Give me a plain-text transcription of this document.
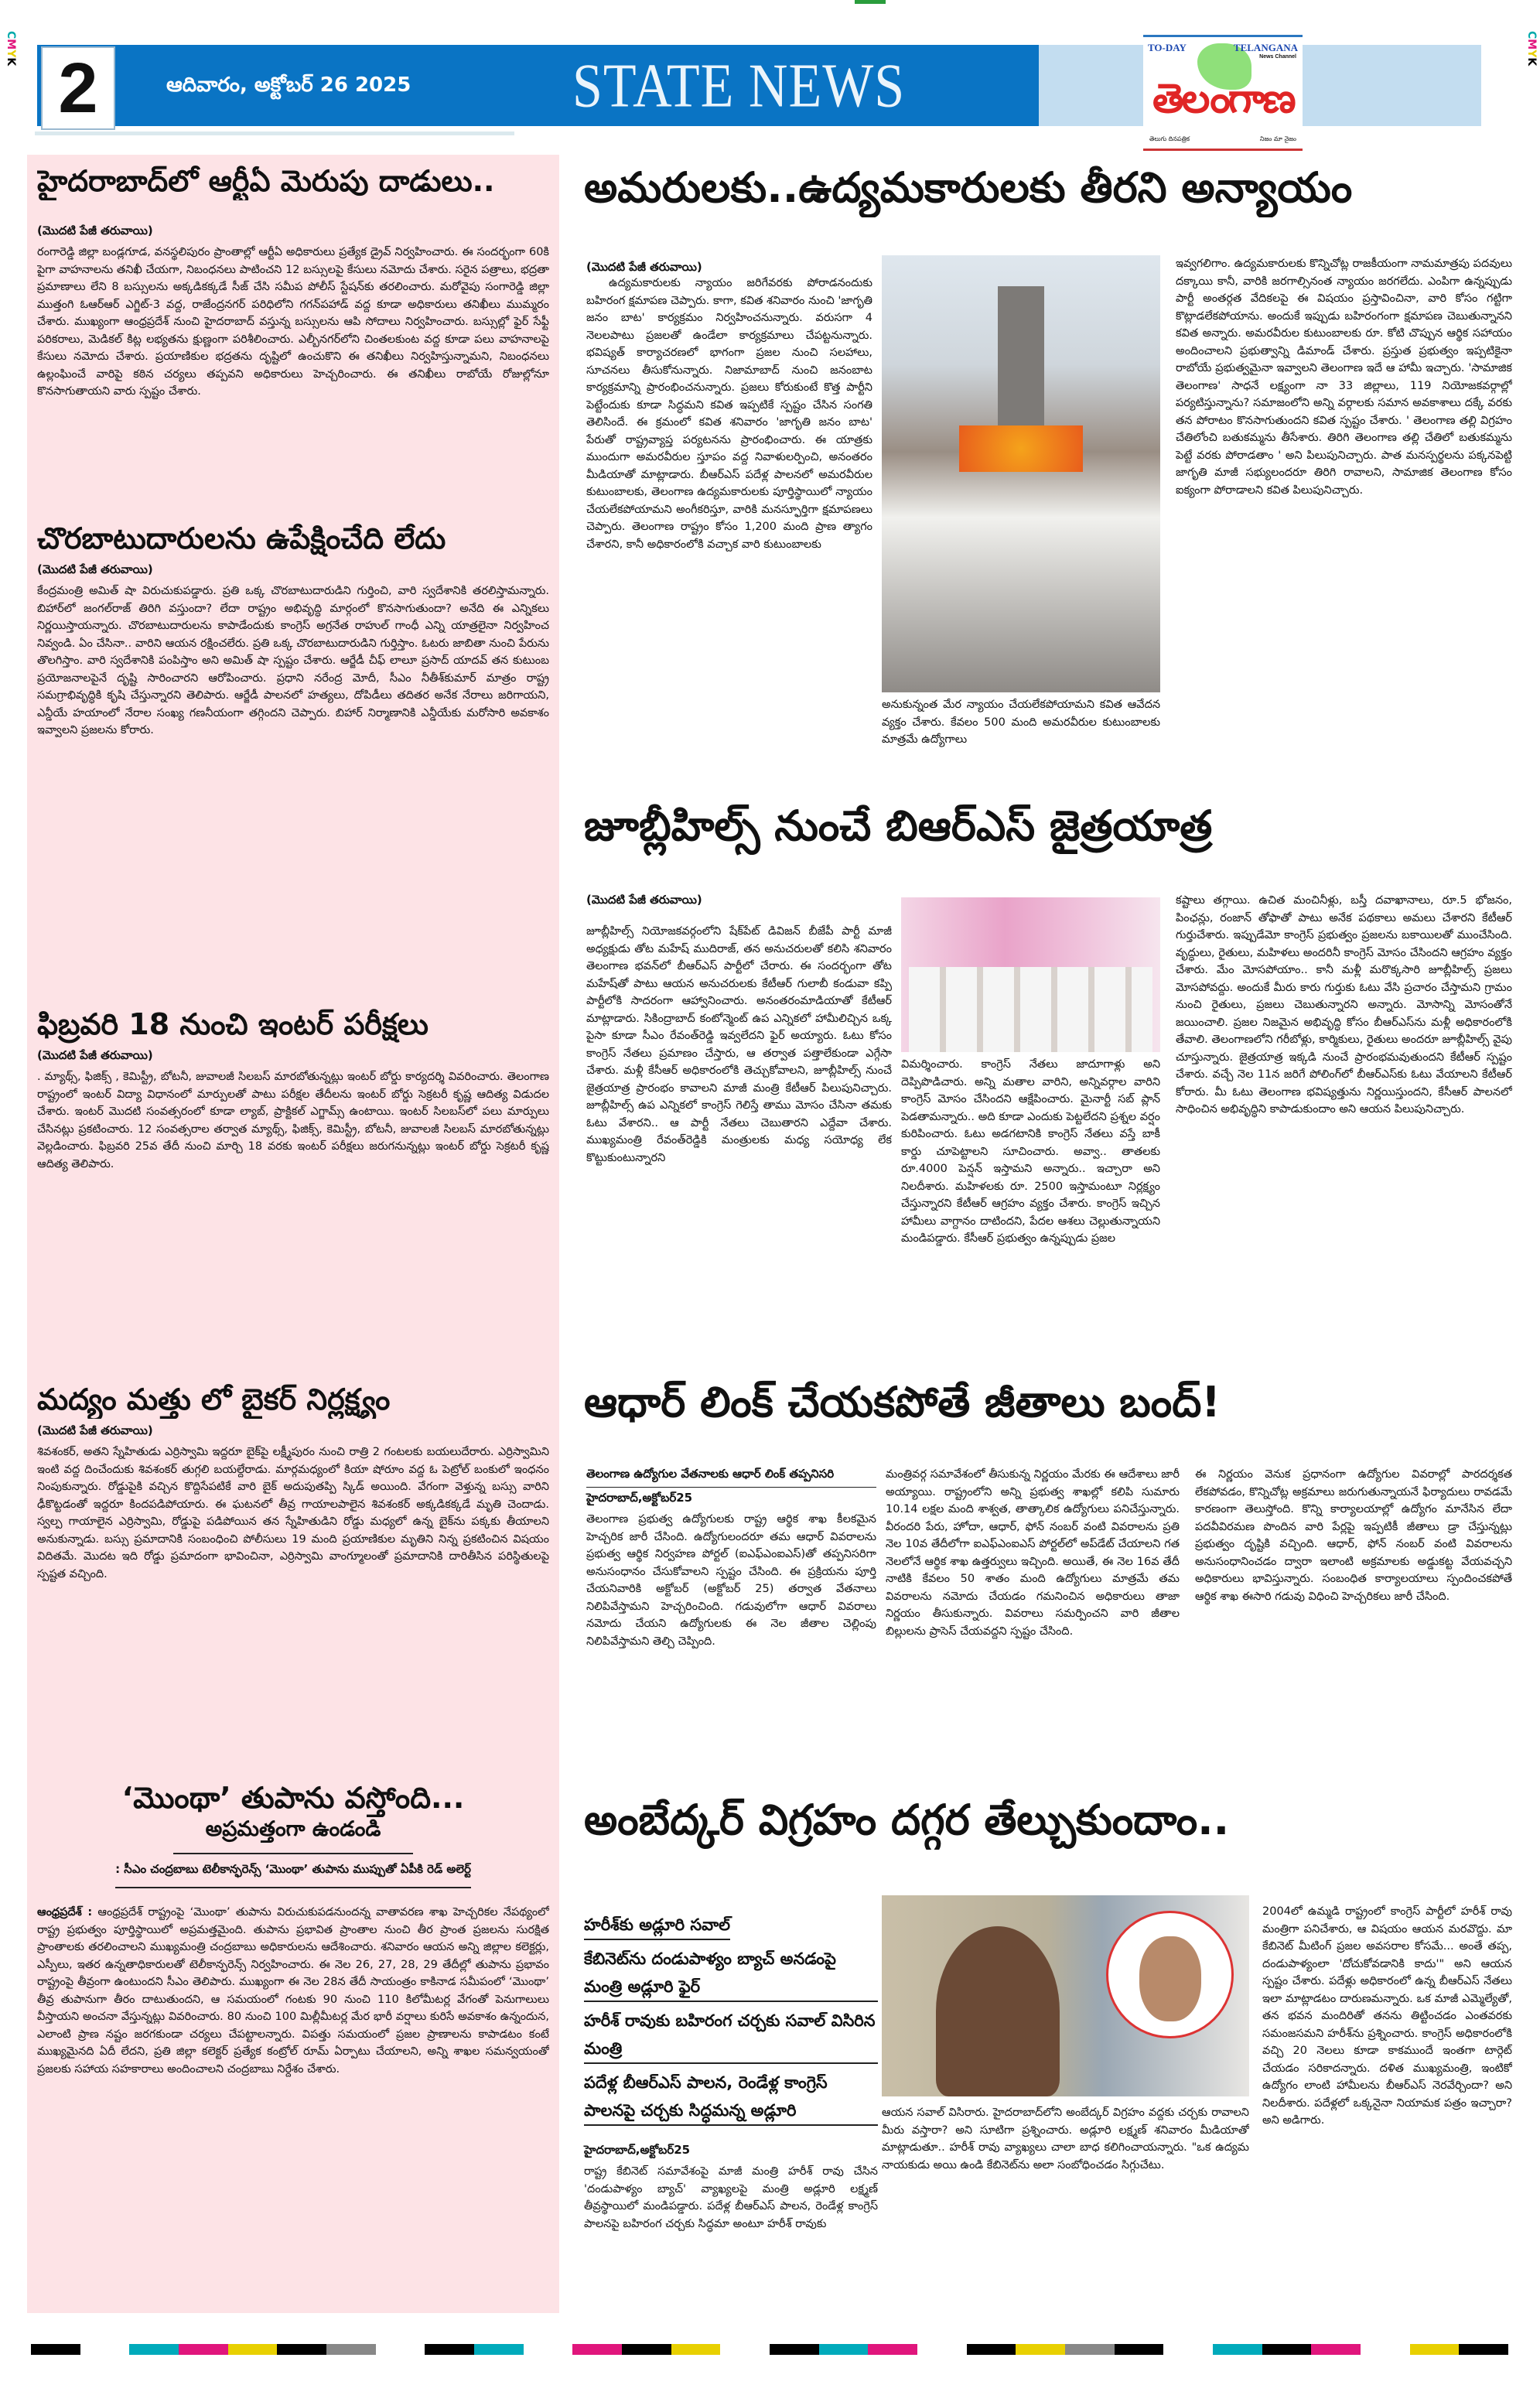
CMYK
CMYK
2	ఆదివారం, అక్టోబర్ 26 2025	STATE NEWS
TO-DAY	TELANGANA
News Channel
తెలంగాణ
తెలుగు దినపత్రిక	నిజం మా నైజం
హైదరాబాద్‌లో ఆర్టీఏ మెరుపు దాడులు..
(మొదటి పేజీ తరువాయి)

రంగారెడ్డి జిల్లా బండ్లగూడ, వనస్థలిపురం ప్రాంతాల్లో ఆర్టీఏ అధికారులు ప్రత్యేక డ్రైవ్ నిర్వహించారు. ఈ సందర్భంగా 60కి పైగా వాహనాలను తనిఖీ చేయగా, నిబంధనలు పాటించని 12 బస్సులపై కేసులు నమోదు చేశారు. సరైన పత్రాలు, భద్రతా ప్రమాణాలు లేని 8 బస్సులను అక్కడికక్కడే సీజ్ చేసి సమీప పోలీస్ స్టేషన్‌కు తరలించారు. మరోవైపు సంగారెడ్డి జిల్లా ముత్తంగి ఓఆర్ఆర్ ఎగ్జిట్-3 వద్ద, రాజేంద్రనగర్ పరిధిలోని గగన్‌పహాడ్ వద్ద కూడా అధికారులు తనిఖీలు ముమ్మరం చేశారు. ముఖ్యంగా ఆంధ్రప్రదేశ్ నుంచి హైదరాబాద్ వస్తున్న బస్సులను ఆపి సోదాలు నిర్వహించారు. బస్సుల్లో ఫైర్ సేఫ్టీ పరికరాలు, మెడికల్ కిట్ల లభ్యతను క్షుణ్ణంగా పరిశీలించారు. ఎల్బీనగర్‌లోని చింతలకుంట వద్ద కూడా పలు వాహనాలపై కేసులు నమోదు చేశారు. ప్రయాణికుల భద్రతను దృష్టిలో ఉంచుకొని ఈ తనిఖీలు నిర్వహిస్తున్నామని, నిబంధనలు ఉల్లంఘించే వారిపై కఠిన చర్యలు తప్పవని అధికారులు హెచ్చరించారు. ఈ తనిఖీలు రాబోయే రోజుల్లోనూ కొనసాగుతాయని వారు స్పష్టం చేశారు.

చొరబాటుదారులను ఉపేక్షించేది లేదు
(మొదటి పేజీ తరువాయి)

కేంద్రమంత్రి అమిత్ షా విరుచుకుపడ్డారు. ప్రతి ఒక్క చొరబాటుదారుడిని గుర్తించి, వారి స్వదేశానికి తరలిస్తామన్నారు. బిహార్‌లో జంగల్‌రాజ్ తిరిగి వస్తుందా? లేదా రాష్ట్రం అభివృద్ధి మార్గంలో కొనసాగుతుందా? అనేది ఈ ఎన్నికలు నిర్ణయిస్తాయన్నారు. చొరబాటుదారులను కాపాడేందుకు కాంగ్రెస్ అగ్రనేత రాహుల్ గాంధీ ఎన్ని యాత్రలైనా నిర్వహించ నివ్వండి. ఏం చేసినా.. వారిని ఆయన రక్షించలేరు. ప్రతి ఒక్క చొరబాటుదారుడిని గుర్తిస్తాం. ఓటరు జాబితా నుంచి పేరును తొలగిస్తాం. వారి స్వదేశానికి పంపిస్తాం అని అమిత్ షా స్పష్టం చేశారు. ఆర్జేడీ చీఫ్ లాలూ ప్రసాద్ యాదవ్ తన కుటుంబ ప్రయోజనాలపైనే దృష్టి సారించారని ఆరోపించారు. ప్రధాని నరేంద్ర మోదీ, సీఎం నీతీశ్‌కుమార్ మాత్రం రాష్ట్ర సమగ్రాభివృద్ధికి కృషి చేస్తున్నారని తెలిపారు. ఆర్జేడీ పాలనలో హత్యలు, దోపిడీలు తదితర అనేక నేరాలు జరిగాయని, ఎన్డీయే హయాంలో నేరాల సంఖ్య గణనీయంగా తగ్గిందని చెప్పారు. బిహార్ నిర్మాణానికి ఎన్డీయేకు మరోసారి అవకాశం ఇవ్వాలని ప్రజలను కోరారు.

ఫిబ్రవరి 18 నుంచి ఇంటర్ పరీక్షలు
(మొదటి పేజీ తరువాయి)

. మ్యాథ్స్, ఫిజిక్స్ , కెమిస్ట్రీ, బోటనీ, జువాలజీ సిలబస్ మారబోతున్నట్లు ఇంటర్ బోర్డు కార్యదర్శి వివరించారు. తెలంగాణ రాష్ట్రంలో ఇంటర్ విద్యా విధానంలో మార్పులతో పాటు పరీక్షల తేదీలను ఇంటర్ బోర్డు సెక్రటరీ కృష్ణ ఆదిత్య విడుదల చేశారు. ఇంటర్ మొదటి సంవత్సరంలో కూడా ల్యాబ్, ప్రాక్టికల్ ఎగ్జామ్స్ ఉంటాయి. ఇంటర్ సిలబస్‌లో పలు మార్పులు చేసినట్లు ప్రకటించారు. 12 సంవత్సరాల తర్వాత మ్యాథ్స్, ఫిజిక్స్, కెమిస్ట్రీ, బోటనీ, జువాలజీ సిలబస్ మారబోతున్నట్లు వెల్లడించారు. ఫిబ్రవరి 25వ తేదీ నుంచి మార్చి 18 వరకు ఇంటర్ పరీక్షలు జరుగనున్నట్లు ఇంటర్ బోర్డు సెక్రటరీ కృష్ణ ఆదిత్య తెలిపారు.

మద్యం మత్తు లో బైకర్ నిర్లక్ష్యం
(మొదటి పేజీ తరువాయి)

శివశంకర్, అతని స్నేహితుడు ఎర్రిస్వామి ఇద్దరూ బైక్‌పై లక్ష్మీపురం నుంచి రాత్రి 2 గంటలకు బయలుదేరారు. ఎర్రిస్వామిని ఇంటి వద్ద దించేందుకు శివశంకర్ తుగ్గలి బయల్దేరాడు. మార్గమధ్యంలో కియా షోరూం వద్ద ఓ పెట్రోల్ బంకులో ఇంధనం నింపుకున్నారు. రోడ్డుపైకి వచ్చిన కొద్దిసేపటికే వారి బైక్ అదుపుతప్పి స్కిడ్ అయింది. వేగంగా వెళ్తున్న బస్సు వారిని ఢీకొట్టడంతో ఇద్దరూ కిందపడిపోయారు. ఈ ఘటనలో తీవ్ర గాయాలపాలైన శివశంకర్ అక్కడికక్కడే మృతి చెందాడు. స్వల్ప గాయాలైన ఎర్రిస్వామి, రోడ్డుపై పడిపోయిన తన స్నేహితుడిని రోడ్డు మధ్యలో ఉన్న బైక్‌ను పక్కకు తీయాలని అనుకున్నాడు. బస్సు ప్రమాదానికి సంబంధించి పోలీసులు 19 మంది ప్రయాణికుల మృతిని నిన్న ప్రకటించిన విషయం విదితమే. మొదట ఇది రోడ్డు ప్రమాదంగా భావించినా, ఎర్రిస్వామి వాంగ్మూలంతో ప్రమాదానికి దారితీసిన పరిస్థితులపై స్పష్టత వచ్చింది.

‘మొంథా’ తుపాను వస్తోంది...
అప్రమత్తంగా ఉండండి
: సీఎం చంద్రబాబు టెలీకాన్ఫరెన్స్ ‘మొంథా’ తుపాను ముప్పుతో ఏపీకి రెడ్ అలెర్ట్

ఆంధ్రప్రదేశ్ : ఆంధ్రప్రదేశ్ రాష్ట్రంపై ‘మొంథా’ తుపాను విరుచుకుపడనుందన్న వాతావరణ శాఖ హెచ్చరికల నేపథ్యంలో రాష్ట్ర ప్రభుత్వం పూర్తిస్థాయిలో అప్రమత్తమైంది. తుపాను ప్రభావిత ప్రాంతాల నుంచి తీర ప్రాంత ప్రజలను సురక్షిత ప్రాంతాలకు తరలించాలని ముఖ్యమంత్రి చంద్రబాబు అధికారులను ఆదేశించారు. శనివారం ఆయన అన్ని జిల్లాల కలెక్టర్లు, ఎస్పీలు, ఇతర ఉన్నతాధికారులతో టెలీకాన్ఫరెన్స్ నిర్వహించారు. ఈ నెల 26, 27, 28, 29 తేదీల్లో తుపాను ప్రభావం రాష్ట్రంపై తీవ్రంగా ఉంటుందని సీఎం తెలిపారు. ముఖ్యంగా ఈ నెల 28న తేదీ సాయంత్రం కాకినాడ సమీపంలో ‘మొంథా’ తీవ్ర తుపానుగా తీరం దాటుతుందని, ఆ సమయంలో గంటకు 90 నుంచి 110 కిలోమీటర్ల వేగంతో పెనుగాలులు వీస్తాయని అంచనా వేస్తున్నట్లు వివరించారు. 80 నుంచి 100 మిల్లీమీటర్ల మేర భారీ వర్షాలు కురిసే అవకాశం ఉన్నందున, ఎలాంటి ప్రాణ నష్టం జరగకుండా చర్యలు చేపట్టాలన్నారు. విపత్తు సమయంలో ప్రజల ప్రాణాలను కాపాడటం కంటే ముఖ్యమైనది ఏదీ లేదని, ప్రతి జిల్లా కలెక్టర్ ప్రత్యేక కంట్రోల్ రూమ్ ఏర్పాటు చేయాలని, అన్ని శాఖల సమన్వయంతో ప్రజలకు సహాయ సహకారాలు అందించాలని చంద్రబాబు నిర్దేశం చేశారు.

అమరులకు..ఉద్యమకారులకు తీరని అన్యాయం
(మొదటి పేజీ తరువాయి)

ఉద్యమకారులకు న్యాయం జరిగేవరకు పోరాడనందుకు బహిరంగ క్షమాపణ చెప్పారు. కాగా, కవిత శనివారం నుంచి 'జాగృతి జనం బాట' కార్యక్రమం నిర్వహించనున్నారు. వరుసగా 4 నెలలపాటు ప్రజలతో ఉండేలా కార్యక్రమాలు చేపట్టనున్నారు. భవిష్యత్ కార్యాచరణలో భాగంగా ప్రజల నుంచి సలహాలు, సూచనలు తీసుకోనున్నారు. నిజామాబాద్ నుంచి జనంబాట కార్యక్రమాన్ని ప్రారంభించనున్నారు. ప్రజలు కోరుకుంటే కొత్త పార్టీని పెట్టేందుకు కూడా సిద్ధమని కవిత ఇప్పటికే స్పష్టం చేసిన సంగతి తెలిసిందే. ఈ క్రమంలో కవిత శనివారం 'జాగృతి జనం బాట' పేరుతో రాష్ట్రవ్యాప్త పర్యటనను ప్రారంభించారు. ఈ యాత్రకు ముందుగా అమరవీరుల స్తూపం వద్ద నివాళులర్పించి, అనంతరం మీడియాతో మాట్లాడారు. బీఆర్ఎస్ పదేళ్ల పాలనలో అమరవీరుల కుటుంబాలకు, తెలంగాణ ఉద్యమకారులకు పూర్తిస్థాయిలో న్యాయం చేయలేకపోయామని అంగీకరిస్తూ, వారికి మనస్ఫూర్తిగా క్షమాపణలు చెప్పారు. తెలంగాణ రాష్ట్రం కోసం 1,200 మంది ప్రాణ త్యాగం చేశారని, కానీ అధికారంలోకి వచ్చాక వారి కుటుంబాలకు

అనుకున్నంత మేర న్యాయం చేయలేకపోయామని కవిత ఆవేదన వ్యక్తం చేశారు. కేవలం 500 మంది అమరవీరుల కుటుంబాలకు మాత్రమే ఉద్యోగాలు

ఇవ్వగలిగాం. ఉద్యమకారులకు కొన్నిచోట్ల రాజకీయంగా నామమాత్రపు పదవులు దక్కాయి కానీ, వారికి జరగాల్సినంత న్యాయం జరగలేదు. ఎంపిగా ఉన్నప్పుడు పార్టీ అంతర్గత వేదికలపై ఈ విషయం ప్రస్తావించినా, వారి కోసం గట్టిగా కొట్లాడలేకపోయాను. అందుకే ఇప్పుడు బహిరంగంగా క్షమాపణ చెబుతున్నానని కవిత అన్నారు. అమరవీరుల కుటుంబాలకు రూ. కోటి చొప్పున ఆర్థిక సహాయం అందించాలని ప్రభుత్వాన్ని డిమాండ్ చేశారు. ప్రస్తుత ప్రభుత్వం ఇప్పటికైనా రాబోయే ప్రభుత్వమైనా ఇవ్వాలని తెలంగాణ ఇదే ఆ హామీ ఇచ్చారు. 'సామాజిక తెలంగాణ' సాధనే లక్ష్యంగా నా 33 జిల్లాలు, 119 నియోజకవర్గాల్లో పర్యటిస్తున్నాను? సమాజంలోని అన్ని వర్గాలకు సమాన అవకాశాలు దక్కే వరకు తన పోరాటం కొనసాగుతుందని కవిత స్పష్టం చేశారు. ' తెలంగాణ తల్లి విగ్రహం చేతిలోంచి బతుకమ్మను తీసేశారు. తిరిగి తెలంగాణ తల్లి చేతిలో బతుకమ్మను పెట్టే వరకు పోరాడతాం ' అని పిలుపునిచ్చారు. పాత మనస్పర్థలను పక్కనపెట్టి జాగృతి మాజీ సభ్యులందరూ తిరిగి రావాలని, సామాజిక తెలంగాణ కోసం ఐక్యంగా పోరాడాలని కవిత పిలుపునిచ్చారు.

జూబ్లీహిల్స్ నుంచే బిఆర్ఎస్ జైత్రయాత్ర
(మొదటి పేజీ తరువాయి)

జూబ్లీహిల్స్ నియోజకవర్గంలోని షేక్‌పేట్ డివిజన్ బీజేపీ పార్టీ మాజీ అధ్యక్షుడు తోట మహేష్ ముదిరాజ్, తన అనుచరులతో కలిసి శనివారం తెలంగాణ భవన్‌లో బీఆర్ఎస్ పార్టీలో చేరారు. ఈ సందర్భంగా తోట మహేష్‌తో పాటు ఆయన అనుచరులకు కేటీఆర్ గులాబీ కండువా కప్పి పార్టీలోకి సాదరంగా ఆహ్వానించారు. అనంతరంమాడియాతో కేటీఆర్ మాట్లాడారు. సికింద్రాబాద్ కంటోన్మెంట్ ఉప ఎన్నికలో హామీలిచ్చిన ఒక్క పైసా కూడా సీఎం రేవంత్‌రెడ్డి ఇవ్వలేదని ఫైర్ అయ్యారు. ఓటు కోసం కాంగ్రెస్ నేతలు ప్రమాణం చేస్తారు, ఆ తర్వాత పత్తాలేకుండా ఎగ్గేసా చేశారు. మళ్లీ కేసీఆర్ అధికారంలోకి తెచ్చుకోవాలని, జూబ్లీహిల్స్ నుంచే జైత్రయాత్ర ప్రారంభం కావాలని మాజీ మంత్రి కేటీఆర్ పిలుపునిచ్చారు. జూబ్లీహిల్స్ ఉప ఎన్నికలో కాంగ్రెస్ గెలిస్తే తాము మోసం చేసినా తమకు ఓటు వేశారని.. ఆ పార్టీ నేతలు చెబుతారని ఎద్దేవా చేశారు. ముఖ్యమంత్రి రేవంత్‌రెడ్డికి మంత్రులకు మధ్య సయోధ్య లేక కొట్టుకుంటున్నారని

విమర్శించారు. కాంగ్రెస్ నేతలు జాదూగాళ్లు అని దెప్పిపొడిచారు. అన్ని మతాల వారిని, అన్నివర్గాల వారిని కాంగ్రెస్ మోసం చేసిందని ఆక్షేపించారు. మైనార్టీ సబ్ ప్లాన్ పెడతామన్నారు.. అది కూడా ఎందుకు పెట్టలేదని ప్రశ్నల వర్షం కురిపించారు. ఓటు అడగటానికి కాంగ్రెస్ నేతలు వస్తే బాకీ కార్డు చూపెట్టాలని సూచించారు. అవ్వా.. తాతలకు రూ.4000 పెన్షన్ ఇస్తామని అన్నారు.. ఇచ్చారా అని నిలదీశారు. మహిళలకు రూ. 2500 ఇస్తామంటూ నిర్లక్ష్యం చేస్తున్నారని కేటీఆర్ ఆగ్రహం వ్యక్తం చేశారు. కాంగ్రెస్ ఇచ్చిన హామీలు వాగ్దానం దాటిందని, పేదల ఆశలు చెల్లుతున్నాయని మండిపడ్డారు. కేసీఆర్ ప్రభుత్వం ఉన్నప్పుడు ప్రజల

కష్టాలు తగ్గాయి. ఉచిత మంచినీళ్లు, బస్తీ దవాఖానాలు, రూ.5 భోజనం, పింఛన్లు, రంజాన్ తోఫాతో పాటు అనేక పథకాలు అమలు చేశారని కేటీఆర్ గుర్తుచేశారు. ఇప్పుడేమో కాంగ్రెస్ ప్రభుత్వం ప్రజలను బకాయిలతో ముంచేసింది. వృద్ధులు, రైతులు, మహిళలు అందరినీ కాంగ్రెస్ మోసం చేసిందని ఆగ్రహం వ్యక్తం చేశారు. మేం మోసపోయాం.. కానీ మళ్లీ మరొక్కసారి జూబ్లీహిల్స్ ప్రజలు మోసపోవద్దు. అందుకే మీరు కారు గుర్తుకు ఓటు వేసి ప్రచారం చేస్తామని గ్రామం నుంచి రైతులు, ప్రజలు చెబుతున్నారని అన్నారు. మోసాన్ని మోసంతోనే జయించాలి. ప్రజల నిజమైన అభివృద్ధి కోసం బీఆర్ఎస్‌ను మళ్లీ అధికారంలోకి తేవాలి. తెలంగాణలోని గరీబోళ్లు, కార్మికులు, రైతులు అందరూ జూబ్లీహిల్స్ వైపు చూస్తున్నారు. జైత్రయాత్ర ఇక్కడి నుంచే ప్రారంభమవుతుందని కేటీఆర్ స్పష్టం చేశారు. వచ్చే నెల 11న జరిగే పోలింగ్‌లో బీఆర్ఎస్‌కు ఓటు వేయాలని కేటీఆర్ కోరారు. మీ ఓటు తెలంగాణ భవిష్యత్తును నిర్ణయిస్తుందని, కేసీఆర్ పాలనలో సాధించిన అభివృద్ధిని కాపాడుకుందాం అని ఆయన పిలుపునిచ్చారు.

ఆధార్ లింక్ చేయకపోతే జీతాలు బంద్!
తెలంగాణ ఉద్యోగుల వేతనాలకు ఆధార్ లింక్ తప్పనిసరి
హైదరాబాద్,అక్టోబర్25

తెలంగాణ ప్రభుత్వ ఉద్యోగులకు రాష్ట్ర ఆర్థిక శాఖ కీలకమైన హెచ్చరిక జారీ చేసింది. ఉద్యోగులందరూ తమ ఆధార్ వివరాలను ప్రభుత్వ ఆర్థిక నిర్వహణ పోర్టల్ (ఐఎఫ్ఎంఐఎస్)తో తప్పనిసరిగా అనుసంధానం చేసుకోవాలని స్పష్టం చేసింది. ఈ ప్రక్రియను పూర్తి చేయనివారికి అక్టోబర్ (అక్టోబర్ 25) తర్వాత వేతనాలు నిలిపివేస్తామని హెచ్చరించింది. గడువులోగా ఆధార్ వివరాలు నమోదు చేయని ఉద్యోగులకు ఈ నెల జీతాల చెల్లింపు నిలిపివేస్తామని తెల్చి చెప్పింది.

మంత్రివర్గ సమావేశంలో తీసుకున్న నిర్ణయం మేరకు ఈ ఆదేశాలు జారీ అయ్యాయి. రాష్ట్రంలోని అన్ని ప్రభుత్వ శాఖల్లో కలిపి సుమారు 10.14 లక్షల మంది శాశ్వత, తాత్కాలిక ఉద్యోగులు పనిచేస్తున్నారు. వీరందరి పేరు, హోదా, ఆధార్, ఫోన్ నంబర్ వంటి వివరాలను ప్రతి నెల 10వ తేదీలోగా ఐఎఫ్ఎంఐఎస్ పోర్టల్‌లో అప్‌డేట్ చేయాలని గత నెలలోనే ఆర్థిక శాఖ ఉత్తర్వులు ఇచ్చింది. అయితే, ఈ నెల 16వ తేదీ నాటికి కేవలం 50 శాతం మంది ఉద్యోగులు మాత్రమే తమ వివరాలను నమోదు చేయడం గమనించిన అధికారులు తాజా నిర్ణయం తీసుకున్నారు. వివరాలు సమర్పించని వారి జీతాల బిల్లులను ప్రాసెస్ చేయవద్దని స్పష్టం చేసింది.

ఈ నిర్ణయం వెనుక ప్రధానంగా ఉద్యోగుల వివరాల్లో పారదర్శకత లేకపోవడం, కొన్నిచోట్ల అక్రమాలు జరుగుతున్నాయనే ఫిర్యాదులు రావడమే కారణంగా తెలుస్తోంది. కొన్ని కార్యాలయాల్లో ఉద్యోగం మానేసిన లేదా పదవీవిరమణ పొందిన వారి పేర్లపై ఇప్పటికీ జీతాలు డ్రా చేస్తున్నట్లు ప్రభుత్వం దృష్టికి వచ్చింది. ఆధార్, ఫోన్ నంబర్ వంటి వివరాలను అనుసంధానించడం ద్వారా ఇలాంటి అక్రమాలకు అడ్డుకట్ట వేయవచ్చని అధికారులు భావిస్తున్నారు. సంబంధిత కార్యాలయాలు స్పందించకపోతే ఆర్థిక శాఖ ఈసారి గడువు విధించి హెచ్చరికలు జారీ చేసింది.

అంబేద్కర్ విగ్రహం దగ్గర తేల్చుకుందాం..
హరీశ్‌కు అడ్లూరి సవాల్ కేబినెట్‌ను దండుపాళ్యం బ్యాచ్ అనడంపై మంత్రి అడ్లూరి ఫైర్ హరీశ్ రావుకు బహిరంగ చర్చకు సవాల్ విసిరిన మంత్రి పదేళ్ల బీఆర్ఎస్ పాలన, రెండేళ్ల కాంగ్రెస్ పాలనపై చర్చకు సిద్ధమన్న అడ్లూరి
హైదరాబాద్,అక్టోబర్25

రాష్ట్ర కేబినెట్ సమావేశంపై మాజీ మంత్రి హరీశ్ రావు చేసిన 'దండుపాళ్యం బ్యాచ్' వ్యాఖ్యలపై మంత్రి అడ్లూరి లక్ష్మణ్ తీవ్రస్థాయిలో మండిపడ్డారు. పదేళ్ల బీఆర్ఎస్ పాలన, రెండేళ్ల కాంగ్రెస్ పాలనపై బహిరంగ చర్చకు సిద్ధమా అంటూ హరీశ్ రావుకు

ఆయన సవాల్ విసిరారు. హైదరాబాద్‌లోని అంబేద్కర్ విగ్రహం వద్దకు చర్చకు రావాలని మీరు వస్తారా? అని సూటిగా ప్రశ్నించారు. అడ్లూరి లక్ష్మణ్ శనివారం మీడియాతో మాట్లాడుతూ.. హరీశ్ రావు వ్యాఖ్యలు చాలా బాధ కలిగించాయన్నారు. "ఒక ఉద్యమ నాయకుడు అయి ఉండి కేబినెట్‌ను అలా సంబోధించడం సిగ్గుచేటు.

2004లో ఉమ్మడి రాష్ట్రంలో కాంగ్రెస్ పార్టీలో హరీశ్ రావు మంత్రిగా పనిచేశారు, ఆ విషయం ఆయన మరవొద్దు. మా కేబినెట్ మీటింగ్ ప్రజల అవసరాల కోసమే... అంతే తప్ప, దండుపాళ్యంలా 'దోచుకోవడానికి కాదు'" అని ఆయన స్పష్టం చేశారు. పదేళ్లు అధికారంలో ఉన్న బీఆర్ఎస్ నేతలు ఇలా మాట్లాడటం దారుణమన్నారు. ఒక మాజీ ఎమ్మెల్యేతో, తన భవన మందిరితో తనను తిట్టించడం ఎంతవరకు సమంజసమని హరీశ్‌ను ప్రశ్నించారు. కాంగ్రెస్ అధికారంలోకి వచ్చి 20 నెలలు కూడా కాకముందే ఇంతగా టార్గెట్ చేయడం సరికాదన్నారు. దళిత ముఖ్యమంత్రి, ఇంటికో ఉద్యోగం లాంటి హామీలను బీఆర్ఎస్ నెరవేర్చిందా? అని నిలదీశారు. పదేళ్లలో ఒక్కనైనా నియామక పత్రం ఇచ్చారా? అని అడిగారు.
